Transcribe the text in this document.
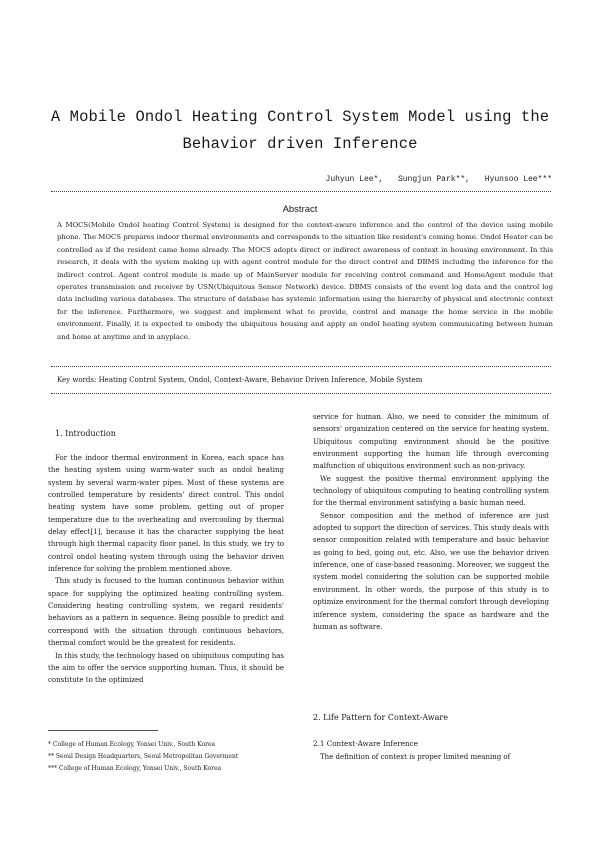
A Mobile Ondol Heating Control System Model using the
Behavior driven Inference
Juhyun Lee*, Sungjun Park**, Hyunsoo Lee***
Abstract
A MOCS(Mobile Ondol heating Control System) is designed for the context-aware inference and the control of the device using mobile phone. The MOCS prepares indoor thermal environments and corresponds to the situation like resident's coming home. Ondol Heater can be controlled as if the resident came home already. The MOCS adopts direct or indirect awareness of context in housing environment. In this research, it deals with the system making up with agent control module for the direct control and DBMS including the inference for the indirect control. Agent control module is made up of MainServer module for receiving control command and HomeAgent module that operates transmission and receiver by USN(Ubiquitous Sensor Network) device. DBMS consists of the event log data and the control log data including various databases. The structure of database has systemic information using the hierarchy of physical and electronic context for the inference. Furthermore, we suggest and implement what to provide, control and manage the home service in the mobile environment. Finally, it is expected to embody the ubiquitous housing and apply an ondol heating system communicating between human and home at anytime and in anyplace.
Key words: Heating Control System, Ondol, Context-Aware, Behavior Driven Inference, Mobile System
1. Introduction

For the indoor thermal environment in Korea, each space has the heating system using warm-water such as ondol heating system by several warm-water pipes. Most of these systems are controlled temperature by residents' direct control. This ondol heating system have some problem, getting out of proper temperature due to the overheating and overcooling by thermal delay effect[1], because it has the character supplying the heat through high thermal capacity floor panel. In this study, we try to control ondol heating system through using the behavior driven inference for solving the problem mentioned above.

This study is focused to the human continuous behavior within space for supplying the optimized heating controlling system. Considering heating controlling system, we regard residents' behaviors as a pattern in sequence. Being possible to predict and correspond with the situation through continuous behaviors, thermal comfort would be the greatest for residents.

In this study, the technology based on ubiquitous computing has the aim to offer the service supporting human. Thus, it should be constitute to the optimized

service for human. Also, we need to consider the minimum of sensors' organization centered on the service for heating system. Ubiquitous computing environment should be the positive environment supporting the human life through overcoming malfunction of ubiquitous environment such as non-privacy.

We suggest the positive thermal environment applying the technology of ubiquitous computing to heating controlling system for the thermal environment satisfying a basic human need.

Sensor composition and the method of inference are just adopted to support the direction of services. This study deals with sensor composition related with temperature and basic behavior as going to bed, going out, etc. Also, we use the behavior driven inference, one of case-based reasoning. Moreover, we suggest the system model considering the solution can be supported mobile environment. In other words, the purpose of this study is to optimize environment for the thermal comfort through developing inference system, considering the space as hardware and the human as software.

2. Life Pattern for Context-Aware
2.1 Context-Aware Inference
The definition of context is proper limited meaning of
* College of Human Ecology, Yonsei Univ., South Korea
** Seoul Design Headquarters, Seoul Metropolitan Goverment
*** College of Human Ecology, Yonsei Univ., South Korea
